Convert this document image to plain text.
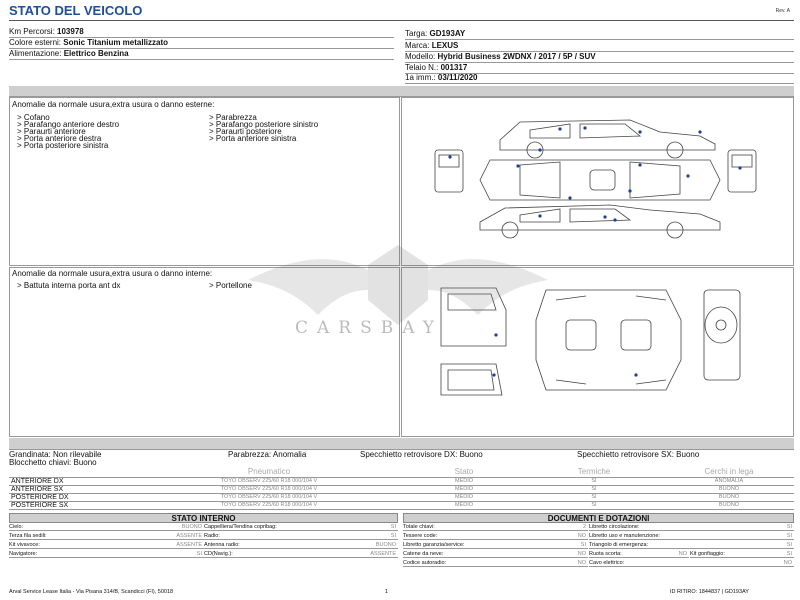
STATO DEL VEICOLO	Rev. A
Km Percorsi: 103978
Colore esterni: Sonic Titanium metallizzato
Alimentazione: Elettrico Benzina
Targa: GD193AY
Marca: LEXUS
Modello: Hybrid Business 2WDNX / 2017 / 5P / SUV
Telaio N.: 001317
1a imm.: 03/11/2020
Anomalie da normale usura,extra usura o danno esterne:
> Cofano
> Parafango anteriore destro
> Paraurti anteriore
> Porta anteriore destra
> Porta posteriore sinistra
> Parabrezza
> Parafango posteriore sinistro
> Paraurti posteriore
> Porta anteriore sinistra
Anomalie da normale usura,extra usura o danno interne:
> Battuta interna porta ant dx	> Portellone
CARSBAY
Grandinata: Non rilevabile	Parabrezza: Anomalia	Specchietto retrovisore DX: Buono	Specchietto retrovisore SX: Buono
Blocchetto chiavi: Buono
	Pneumatico	Stato	Termiche		Cerchi in lega
ANTERIORE DX	TOYO OBSERV 225/60 R18 000/104 V	MEDIO	SI		ANOMALIA
ANTERIORE SX	TOYO OBSERV 225/60 R18 000/104 V	MEDIO	SI		BUONO
POSTERIORE DX	TOYO OBSERV 225/60 R18 000/104 V	MEDIO	SI		BUONO
POSTERIORE SX	TOYO OBSERV 225/60 R18 000/104 V	MEDIO	SI		BUONO
STATO INTERNO
Cielo:	BUONO
Terza fila sedili:	ASSENTE
Kit vivavoce:	ASSENTE
Navigatore:	SI
Cappelliera/Tendina copribag:	SI
Radio:	SI
Antenna radio:	BUONO
CD(Navig.):	ASSENTE
DOCUMENTI E DOTAZIONI
Totale chiavi:	2
Tessere code:	NO
Libretto garanzia/service:	SI
Catene da neve:	NO
Codice autoradio:	NO
Libretto circolazione:	SI
Libretto uso e manutenzione:	SI
Triangolo di emergenza:	SI
Ruota scorta:	NO Kit gonfiaggio:	SI
Cavo elettrico:	NO
Arval Service Lease Italia - Via Pisana 314/B, Scandicci (FI), 50018	1	ID RITIRO: 1844837 | GD193AY
